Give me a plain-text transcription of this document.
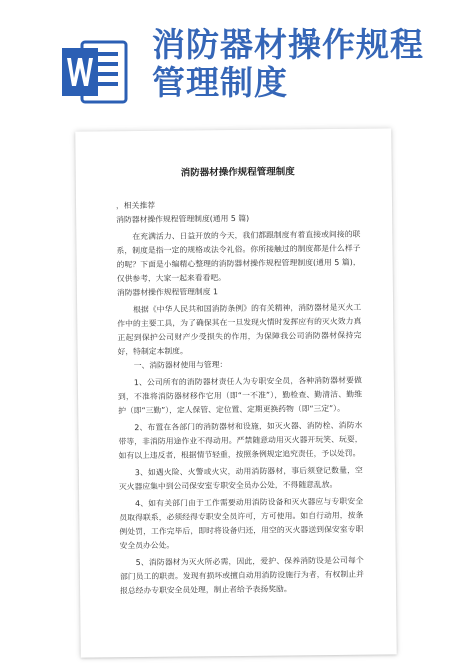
消防器材操作规程
管理制度
消防器材操作规程管理制度

，相关推荐

消防器材操作规程管理制度(通用 5 篇)

在充满活力、日益开放的今天，我们都跟制度有着直接或间接的联系，制度是指一定的规格或法令礼俗。你所接触过的制度都是什么样子的呢？下面是小编精心整理的消防器材操作规程管理制度(通用 5 篇)，仅供参考，大家一起来看看吧。

消防器材操作规程管理制度 1

根据《中华人民共和国消防条例》的有关精神，消防器材是灭火工作中的主要工具，为了确保其在一旦发现火情时发挥应有的灭火效力真正起到保护公司财产少受损失的作用，为保障我公司消防器材保持完好，特制定本制度。

一、消防器材使用与管理：

1、公司所有的消防器材责任人为专职安全员，各种消防器材要做到，不准将消防器材移作它用（即“一不准”），勤检查、勤清洁、勤维护（即“三勤”），定人保管、定位置、定期更换药物（即“三定”）。

2、布置在各部门的消防器材和设施，如灭火器、消防栓、消防水带等，非消防用途作业不得动用。严禁随意动用灭火器开玩笑、玩耍，如有以上违反者，根据情节轻重，按照条例规定追究责任，予以处罚。

3、如遇火险、火警或火灾，动用消防器材，事后须登记数量，空灭火器应集中到公司保安室专职安全员办公处，不得随意乱放。

4、如有关部门由于工作需要动用消防设备和灭火器应与专职安全员取得联系，必须经得专职安全员许可，方可使用。如自行动用，按条例处罚，工作完毕后，即时将设备归还，用空的灭火器送到保安室专职安全员办公处。

5、消防器材为灭火所必需，因此，爱护、保养消防设是公司每个部门员工的职责。发现有损坏或擅自动用消防设施行为者，有权制止并报总经办专职安全员处理，制止者给予表扬奖励。
